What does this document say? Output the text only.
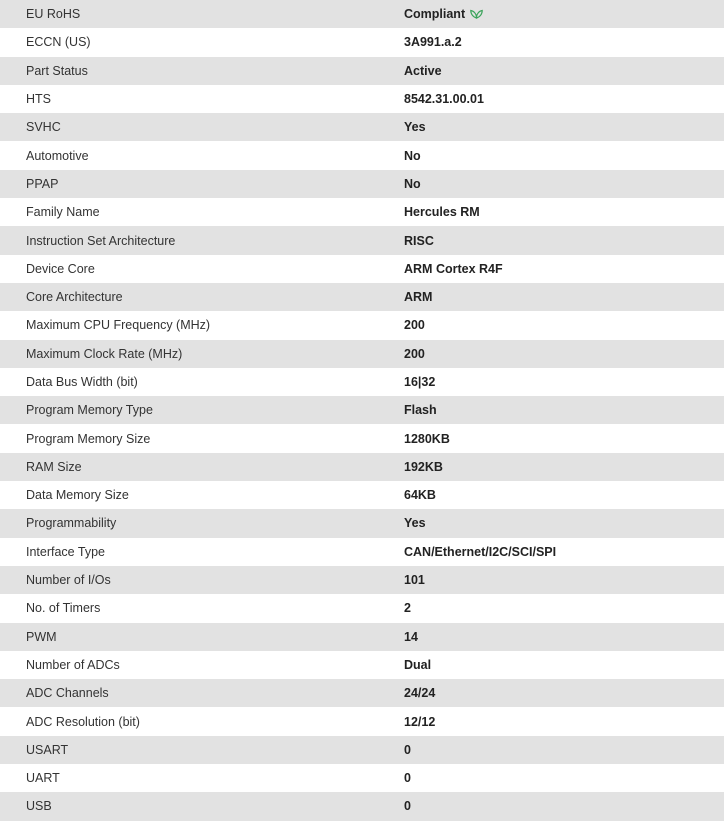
EU RoHS	Compliant
ECCN (US)	3A991.a.2
Part Status	Active
HTS	8542.31.00.01
SVHC	Yes
Automotive	No
PPAP	No
Family Name	Hercules RM
Instruction Set Architecture	RISC
Device Core	ARM Cortex R4F
Core Architecture	ARM
Maximum CPU Frequency (MHz)	200
Maximum Clock Rate (MHz)	200
Data Bus Width (bit)	16|32
Program Memory Type	Flash
Program Memory Size	1280KB
RAM Size	192KB
Data Memory Size	64KB
Programmability	Yes
Interface Type	CAN/Ethernet/I2C/SCI/SPI
Number of I/Os	101
No. of Timers	2
PWM	14
Number of ADCs	Dual
ADC Channels	24/24
ADC Resolution (bit)	12/12
USART	0
UART	0
USB	0
